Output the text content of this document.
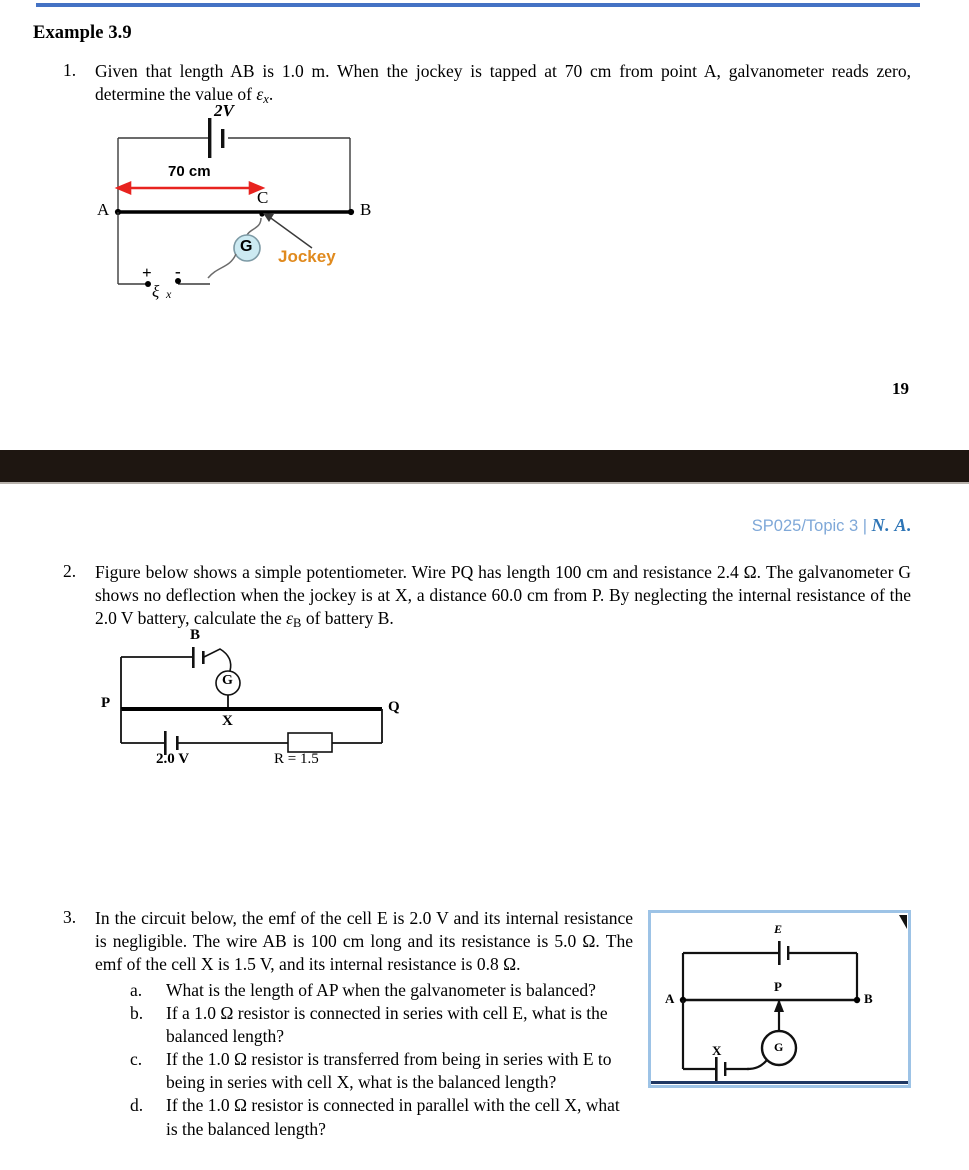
Example 3.9
1. Given that length AB is 1.0 m. When the jockey is tapped at 70 cm from point A, galvanometer reads zero, determine the value of $\varepsilon_x$.
2V
70 cm
A	B
C
G
Jockey
+ -
ξ x
19
SP025/Topic 3 | N. A.
2. Figure below shows a simple potentiometer. Wire PQ has length 100 cm and resistance 2.4 Ω. The galvanometer G shows no deflection when the jockey is at X, a distance 60.0 cm from P. By neglecting the internal resistance of the 2.0 V battery, calculate the $\varepsilon_B$ of battery B.
B
G
P	Q
X
2.0 V	R = 1.5
3. In the circuit below, the emf of the cell E is 2.0 V and its internal resistance is negligible. The wire AB is 100 cm long and its resistance is 5.0 Ω. The emf of the cell X is 1.5 V, and its internal resistance is 0.8 Ω.
a. What is the length of AP when the galvanometer is balanced?
b. If a 1.0 Ω resistor is connected in series with cell E, what is the balanced length?
c. If the 1.0 Ω resistor is transferred from being in series with E to being in series with cell X, what is the balanced length?
d. If the 1.0 Ω resistor is connected in parallel with the cell X, what is the balanced length?
E
A	B
P
X	G
